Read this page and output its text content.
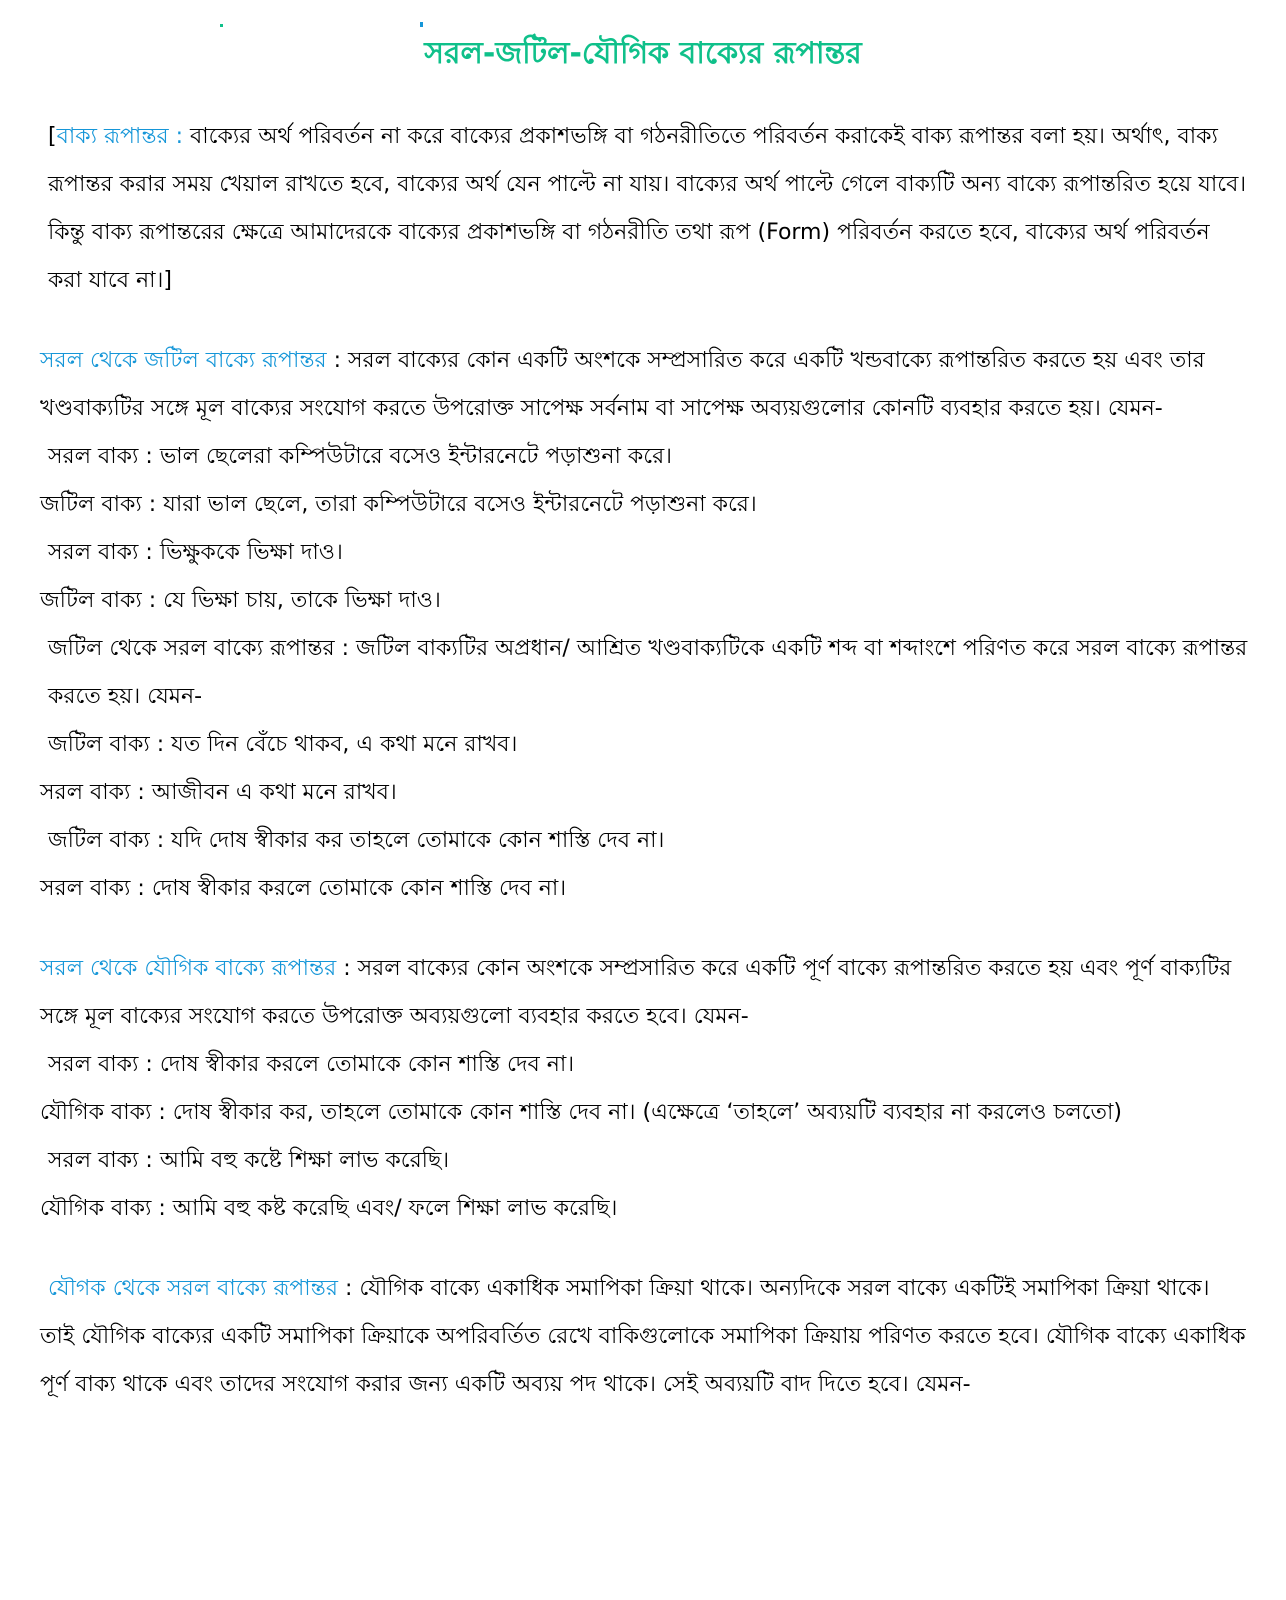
সরল-জটিল-যৌগিক বাক্যের রূপান্তর

[বাক্য রূপান্তর : বাক্যের অর্থ পরিবর্তন না করে বাক্যের প্রকাশভঙ্গি বা গঠনরীতিতে পরিবর্তন করাকেই বাক্য রূপান্তর বলা হয়। অর্থাৎ, বাক্য রূপান্তর করার সময় খেয়াল রাখতে হবে, বাক্যের অর্থ যেন পাল্টে না যায়। বাক্যের অর্থ পাল্টে গেলে বাক্যটি অন্য বাক্যে রূপান্তরিত হয়ে যাবে। কিন্তু বাক্য রূপান্তরের ক্ষেত্রে আমাদেরকে বাক্যের প্রকাশভঙ্গি বা গঠনরীতি তথা রূপ (Form) পরিবর্তন করতে হবে, বাক্যের অর্থ পরিবর্তন করা যাবে না।]

সরল থেকে জটিল বাক্যে রূপান্তর : সরল বাক্যের কোন একটি অংশকে সম্প্রসারিত করে একটি খন্ডবাক্যে রূপান্তরিত করতে হয় এবং তার খণ্ডবাক্যটির সঙ্গে মূল বাক্যের সংযোগ করতে উপরোক্ত সাপেক্ষ সর্বনাম বা সাপেক্ষ অব্যয়গুলোর কোনটি ব্যবহার করতে হয়। যেমন-

সরল বাক্য : ভাল ছেলেরা কম্পিউটারে বসেও ইন্টারনেটে পড়াশুনা করে।

জটিল বাক্য : যারা ভাল ছেলে, তারা কম্পিউটারে বসেও ইন্টারনেটে পড়াশুনা করে।

সরল বাক্য : ভিক্ষুককে ভিক্ষা দাও।

জটিল বাক্য : যে ভিক্ষা চায়, তাকে ভিক্ষা দাও।

জটিল থেকে সরল বাক্যে রূপান্তর : জটিল বাক্যটির অপ্রধান/ আশ্রিত খণ্ডবাক্যটিকে একটি শব্দ বা শব্দাংশে পরিণত করে সরল বাক্যে রূপান্তর করতে হয়। যেমন-

জটিল বাক্য : যত দিন বেঁচে থাকব, এ কথা মনে রাখব।

সরল বাক্য : আজীবন এ কথা মনে রাখব।

জটিল বাক্য : যদি দোষ স্বীকার কর তাহলে তোমাকে কোন শাস্তি দেব না।

সরল বাক্য : দোষ স্বীকার করলে তোমাকে কোন শাস্তি দেব না।

সরল থেকে যৌগিক বাক্যে রূপান্তর : সরল বাক্যের কোন অংশকে সম্প্রসারিত করে একটি পূর্ণ বাক্যে রূপান্তরিত করতে হয় এবং পূর্ণ বাক্যটির সঙ্গে মূল বাক্যের সংযোগ করতে উপরোক্ত অব্যয়গুলো ব্যবহার করতে হবে। যেমন-

সরল বাক্য : দোষ স্বীকার করলে তোমাকে কোন শাস্তি দেব না।

যৌগিক বাক্য : দোষ স্বীকার কর, তাহলে তোমাকে কোন শাস্তি দেব না। (এক্ষেত্রে ‘তাহলে’ অব্যয়টি ব্যবহার না করলেও চলতো)

সরল বাক্য : আমি বহু কষ্টে শিক্ষা লাভ করেছি।

যৌগিক বাক্য : আমি বহু কষ্ট করেছি এবং/ ফলে শিক্ষা লাভ করেছি।

যৌগক থেকে সরল বাক্যে রূপান্তর : যৌগিক বাক্যে একাধিক সমাপিকা ক্রিয়া থাকে। অন্যদিকে সরল বাক্যে একটিই সমাপিকা ক্রিয়া থাকে। তাই যৌগিক বাক্যের একটি সমাপিকা ক্রিয়াকে অপরিবর্তিত রেখে বাকিগুলোকে সমাপিকা ক্রিয়ায় পরিণত করতে হবে। যৌগিক বাক্যে একাধিক পূর্ণ বাক্য থাকে এবং তাদের সংযোগ করার জন্য একটি অব্যয় পদ থাকে। সেই অব্যয়টি বাদ দিতে হবে। যেমন-
